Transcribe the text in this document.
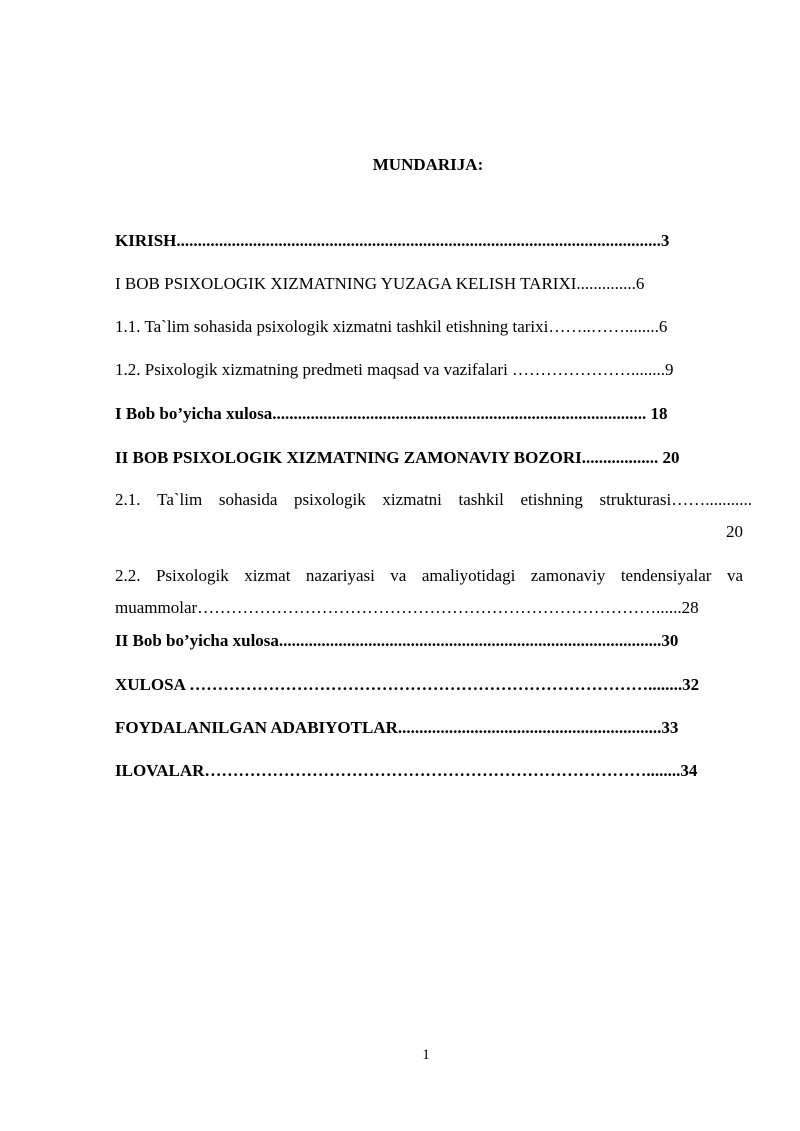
MUNDARIJA:
KIRISH..................................................................................................................3
I BOB PSIXOLOGIK XIZMATNING YUZAGA KELISH TARIXI..............6
1.1. Ta`lim sohasida psixologik xizmatni tashkil etishning tarixi……..……........6
1.2. Psixologik xizmatning predmeti maqsad va vazifalari …………………........9
I Bob bo’yicha xulosa........................................................................................ 18
II BOB PSIXOLOGIK XIZMATNING ZAMONAVIY BOZORI.................. 20
2.1. Ta`lim sohasida psixologik xizmatni tashkil etishning strukturasi……...........
20
2.2. Psixologik xizmat nazariyasi va amaliyotidagi zamonaviy tendensiyalar va
muammolar………………………………………………………………………......28
II Bob bo’yicha xulosa..........................................................................................30
XULOSA ………………………………………………………………………........32
FOYDALANILGAN ADABIYOTLAR..............................................................33
ILOVALAR……………………………………………………………………........34
1
